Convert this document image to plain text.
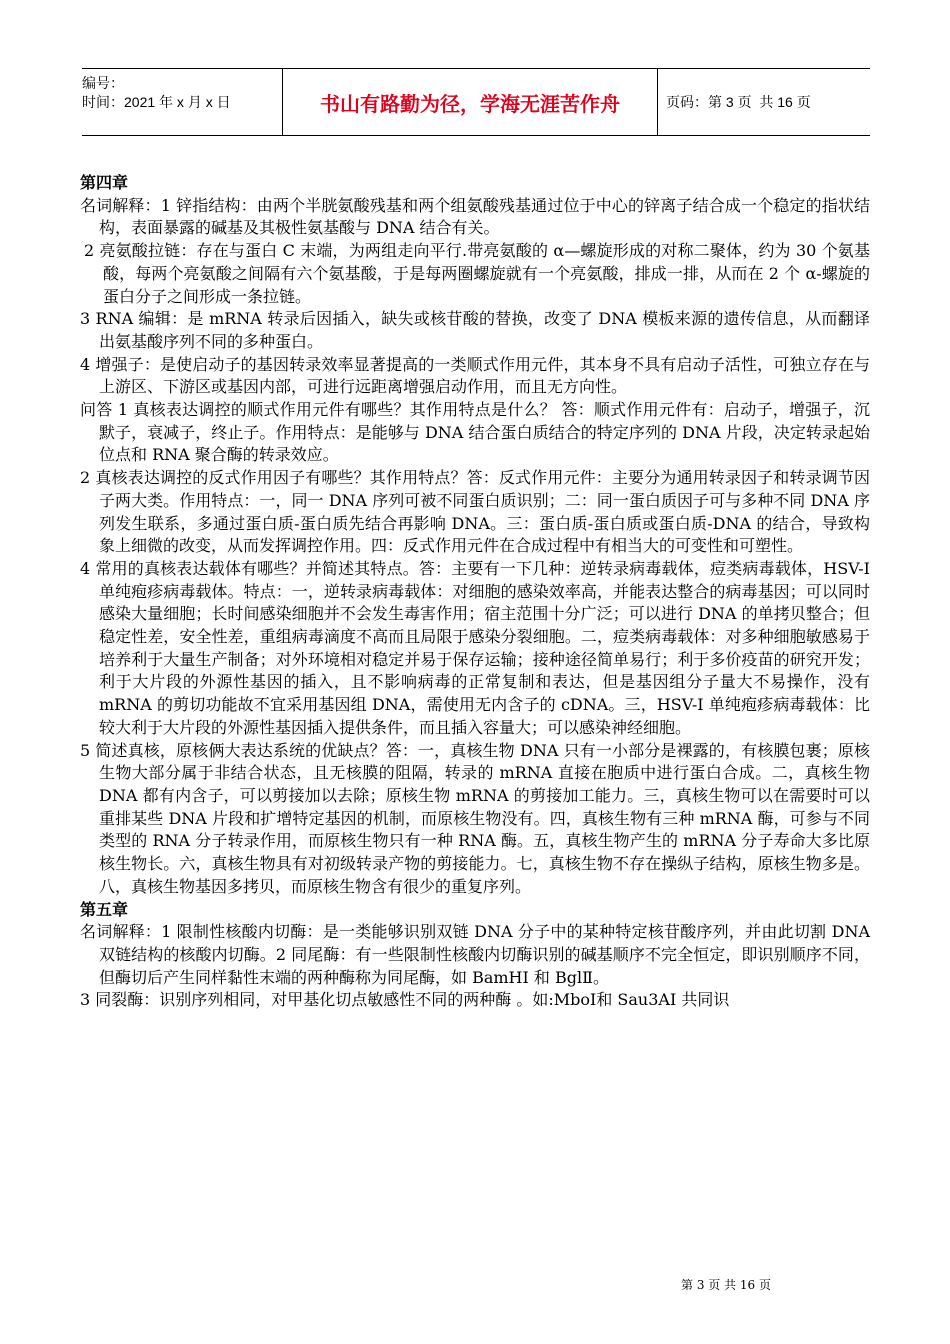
编号：
时间：2021 年 x 月 x 日	书山有路勤为径，学海无涯苦作舟	页码：第 3 页  共 16 页

第四章

名词解释：1 锌指结构：由两个半胱氨酸残基和两个组氨酸残基通过位于中心的锌离子结合成一个稳定的指状结构，表面暴露的碱基及其极性氨基酸与 DNA 结合有关。

2 亮氨酸拉链：存在与蛋白 C 末端，为两组走向平行.带亮氨酸的 α—螺旋形成的对称二聚体，约为 30 个氨基酸，每两个亮氨酸之间隔有六个氨基酸，于是每两圈螺旋就有一个亮氨酸，排成一排，从而在 2 个 α-螺旋的蛋白分子之间形成一条拉链。

3 RNA 编辑：是 mRNA 转录后因插入，缺失或核苷酸的替换，改变了 DNA 模板来源的遗传信息，从而翻译出氨基酸序列不同的多种蛋白。

4 增强子：是使启动子的基因转录效率显著提高的一类顺式作用元件，其本身不具有启动子活性，可独立存在与上游区、下游区或基因内部，可进行远距离增强启动作用，而且无方向性。

问答 1 真核表达调控的顺式作用元件有哪些？其作用特点是什么？ 答：顺式作用元件有：启动子，增强子，沉默子，衰减子，终止子。作用特点：是能够与 DNA 结合蛋白质结合的特定序列的 DNA 片段，决定转录起始位点和 RNA 聚合酶的转录效应。

2 真核表达调控的反式作用因子有哪些？其作用特点？答：反式作用元件：主要分为通用转录因子和转录调节因子两大类。作用特点：一，同一 DNA 序列可被不同蛋白质识别；二：同一蛋白质因子可与多种不同 DNA 序列发生联系，多通过蛋白质-蛋白质先结合再影响 DNA。三：蛋白质-蛋白质或蛋白质-DNA 的结合，导致构象上细微的改变，从而发挥调控作用。四：反式作用元件在合成过程中有相当大的可变性和可塑性。

4 常用的真核表达载体有哪些？并简述其特点。答：主要有一下几种：逆转录病毒载体，痘类病毒载体，HSV-I 单纯疱疹病毒载体。特点：一，逆转录病毒载体：对细胞的感染效率高，并能表达整合的病毒基因；可以同时感染大量细胞；长时间感染细胞并不会发生毒害作用；宿主范围十分广泛；可以进行 DNA 的单拷贝整合；但稳定性差，安全性差，重组病毒滴度不高而且局限于感染分裂细胞。二，痘类病毒载体：对多种细胞敏感易于培养利于大量生产制备；对外环境相对稳定并易于保存运输；接种途径简单易行；利于多价疫苗的研究开发；利于大片段的外源性基因的插入，且不影响病毒的正常复制和表达，但是基因组分子量大不易操作，没有 mRNA 的剪切功能故不宜采用基因组 DNA，需使用无内含子的 cDNA。三，HSV-I 单纯疱疹病毒载体：比较大利于大片段的外源性基因插入提供条件，而且插入容量大；可以感染神经细胞。

5 简述真核，原核俩大表达系统的优缺点？答：一，真核生物 DNA 只有一小部分是裸露的，有核膜包裹；原核生物大部分属于非结合状态，且无核膜的阻隔，转录的 mRNA 直接在胞质中进行蛋白合成。二，真核生物 DNA 都有内含子，可以剪接加以去除；原核生物 mRNA 的剪接加工能力。三，真核生物可以在需要时可以重排某些 DNA 片段和扩增特定基因的机制，而原核生物没有。四，真核生物有三种 mRNA 酶，可参与不同类型的 RNA 分子转录作用，而原核生物只有一种 RNA 酶。五，真核生物产生的 mRNA 分子寿命大多比原核生物长。六，真核生物具有对初级转录产物的剪接能力。七，真核生物不存在操纵子结构，原核生物多是。八，真核生物基因多拷贝，而原核生物含有很少的重复序列。

第五章

名词解释：1 限制性核酸内切酶：是一类能够识别双链 DNA 分子中的某种特定核苷酸序列，并由此切割 DNA 双链结构的核酸内切酶。2 同尾酶：有一些限制性核酸内切酶识别的碱基顺序不完全恒定，即识别顺序不同，但酶切后产生同样黏性末端的两种酶称为同尾酶，如 BamHI 和 BglⅡ。

3 同裂酶：识别序列相同，对甲基化切点敏感性不同的两种酶 。如:MboⅠ和 Sau3AI 共同识

第 3 页 共 16 页
